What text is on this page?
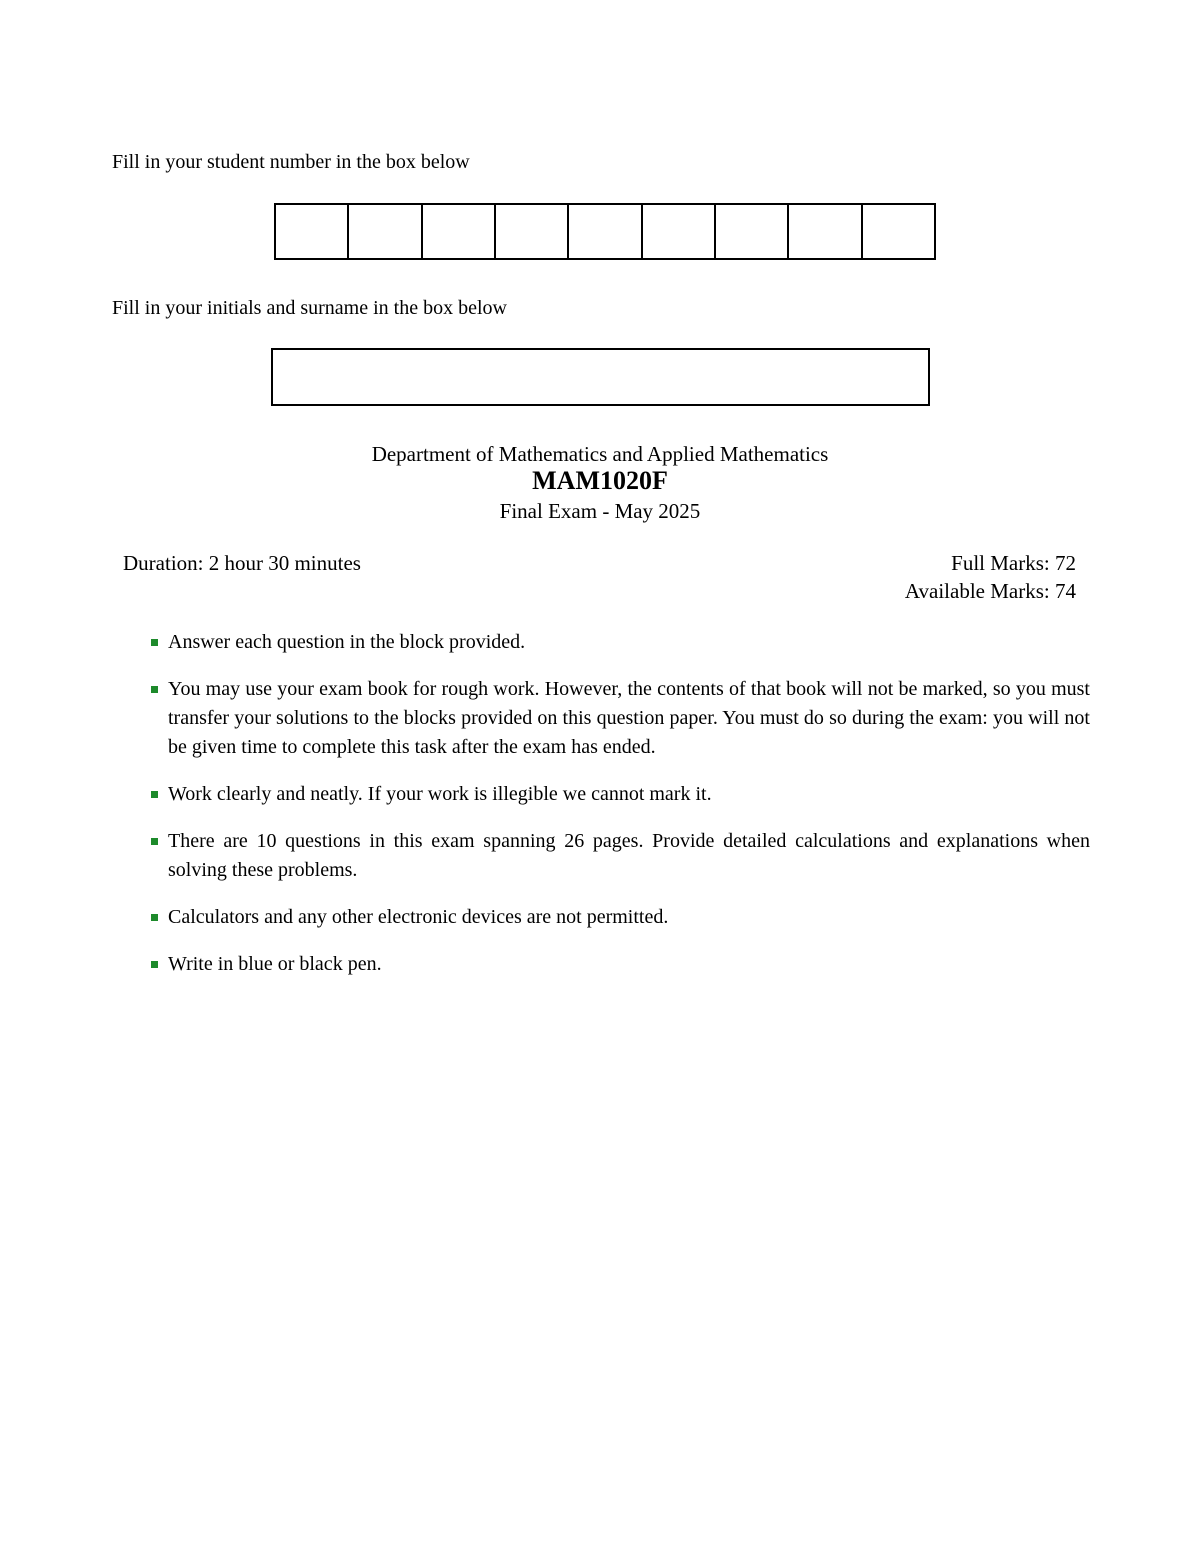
Fill in your student number in the box below
Fill in your initials and surname in the box below
Department of Mathematics and Applied Mathematics
MAM1020F
Final Exam - May 2025
Duration: 2 hour 30 minutes	Full Marks: 72
Available Marks: 74
Answer each question in the block provided.
You may use your exam book for rough work. However, the contents of that book will not be marked, so you must transfer your solutions to the blocks provided on this question paper. You must do so during the exam: you will not be given time to complete this task after the exam has ended.
Work clearly and neatly. If your work is illegible we cannot mark it.
There are 10 questions in this exam spanning 26 pages. Provide detailed calculations and explanations when solving these problems.
Calculators and any other electronic devices are not permitted.
Write in blue or black pen.
